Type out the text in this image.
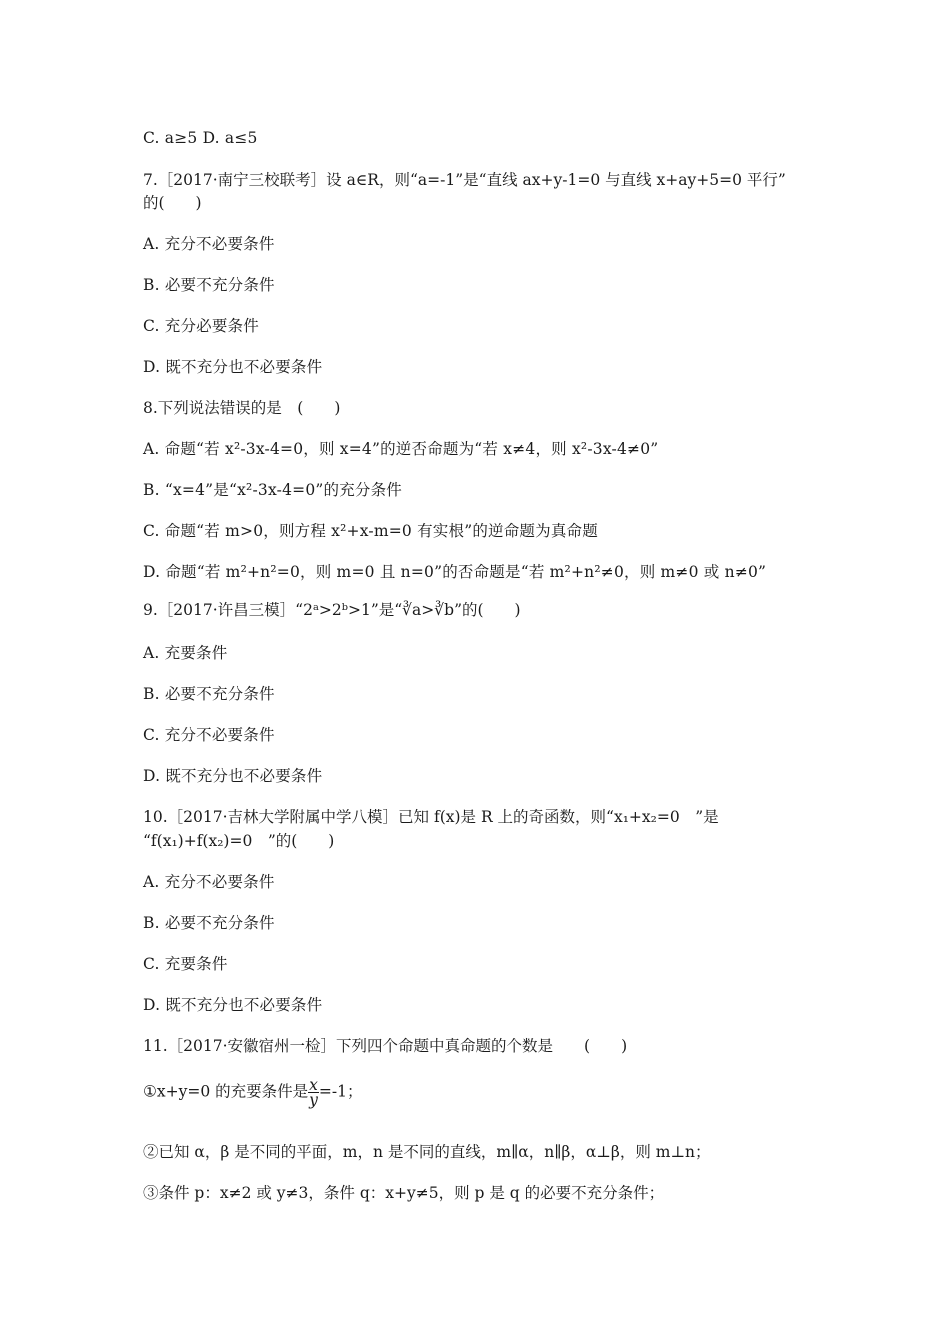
C. a≥5 D. a≤5
7.［2017·南宁三校联考］设 a∈R，则“a=-1”是“直线 ax+y-1=0 与直线 x+ay+5=0 平行”
的(　　)
A. 充分不必要条件
B. 必要不充分条件
C. 充分必要条件
D. 既不充分也不必要条件
8.下列说法错误的是　(　　)
A. 命题“若 x²-3x-4=0，则 x=4”的逆否命题为“若 x≠4，则 x²-3x-4≠0”
B. “x=4”是“x²-3x-4=0”的充分条件
C. 命题“若 m>0，则方程 x²+x-m=0 有实根”的逆命题为真命题
D. 命题“若 m²+n²=0，则 m=0 且 n=0”的否命题是“若 m²+n²≠0，则 m≠0 或 n≠0”
9.［2017·许昌三模］“2ᵃ>2ᵇ>1”是“∛a>∛b”的(　　)
A. 充要条件
B. 必要不充分条件
C. 充分不必要条件
D. 既不充分也不必要条件
10.［2017·吉林大学附属中学八模］已知 f(x)是 R 上的奇函数，则“x₁+x₂=0　”是
“f(x₁)+f(x₂)=0　”的(　　)
A. 充分不必要条件
B. 必要不充分条件
C. 充要条件
D. 既不充分也不必要条件
11.［2017·安徽宿州一检］下列四个命题中真命题的个数是　　(　　)
①x+y=0 的充要条件是 $\frac{x}{y} =-1$；
②已知 α，β 是不同的平面，m，n 是不同的直线，m∥α，n∥β，α⊥β，则 m⊥n；
③条件 p：x≠2 或 y≠3，条件 q：x+y≠5，则 p 是 q 的必要不充分条件；
